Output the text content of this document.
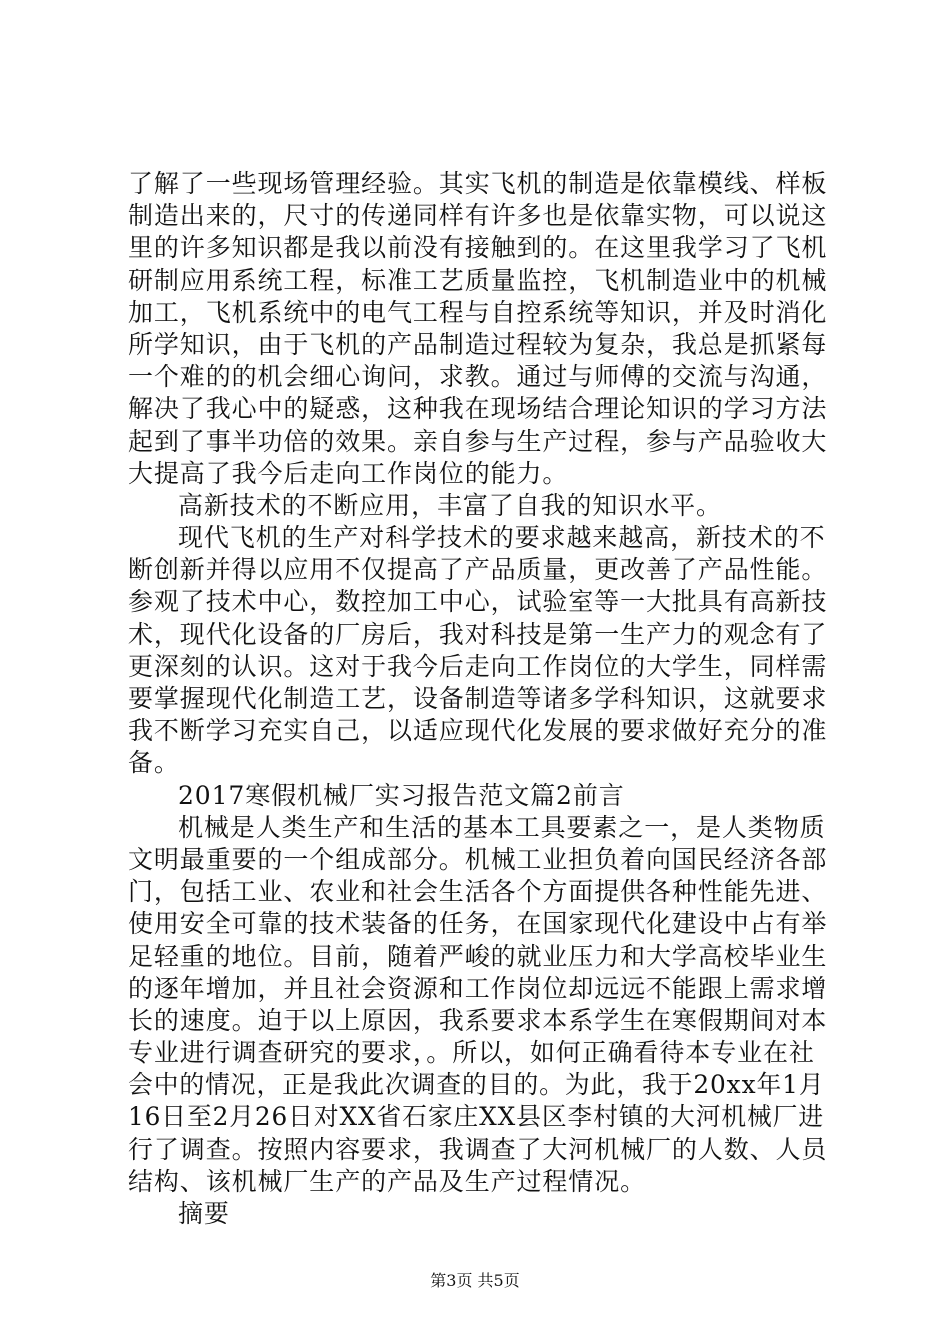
了解了一些现场管理经验。其实飞机的制造是依靠模线、样板
制造出来的，尺寸的传递同样有许多也是依靠实物，可以说这
里的许多知识都是我以前没有接触到的。在这里我学习了飞机
研制应用系统工程，标准工艺质量监控，飞机制造业中的机械
加工，飞机系统中的电气工程与自控系统等知识，并及时消化
所学知识，由于飞机的产品制造过程较为复杂，我总是抓紧每
一个难的的机会细心询问，求教。通过与师傅的交流与沟通，
解决了我心中的疑惑，这种我在现场结合理论知识的学习方法
起到了事半功倍的效果。亲自参与生产过程，参与产品验收大
大提高了我今后走向工作岗位的能力。
高新技术的不断应用，丰富了自我的知识水平。
现代飞机的生产对科学技术的要求越来越高，新技术的不
断创新并得以应用不仅提高了产品质量，更改善了产品性能。
参观了技术中心，数控加工中心，试验室等一大批具有高新技
术，现代化设备的厂房后，我对科技是第一生产力的观念有了
更深刻的认识。这对于我今后走向工作岗位的大学生，同样需
要掌握现代化制造工艺，设备制造等诸多学科知识，这就要求
我不断学习充实自己，以适应现代化发展的要求做好充分的准
备。
2017寒假机械厂实习报告范文篇2前言
机械是人类生产和生活的基本工具要素之一，是人类物质
文明最重要的一个组成部分。机械工业担负着向国民经济各部
门，包括工业、农业和社会生活各个方面提供各种性能先进、
使用安全可靠的技术装备的任务，在国家现代化建设中占有举
足轻重的地位。目前，随着严峻的就业压力和大学高校毕业生
的逐年增加，并且社会资源和工作岗位却远远不能跟上需求增
长的速度。迫于以上原因，我系要求本系学生在寒假期间对本
专业进行调查研究的要求，。所以，如何正确看待本专业在社
会中的情况，正是我此次调查的目的。为此，我于20xx年1月
16日至2月26日对XX省石家庄XX县区李村镇的大河机械厂进
行了调查。按照内容要求，我调查了大河机械厂的人数、人员
结构、该机械厂生产的产品及生产过程情况。
摘要
第3页 共5页
